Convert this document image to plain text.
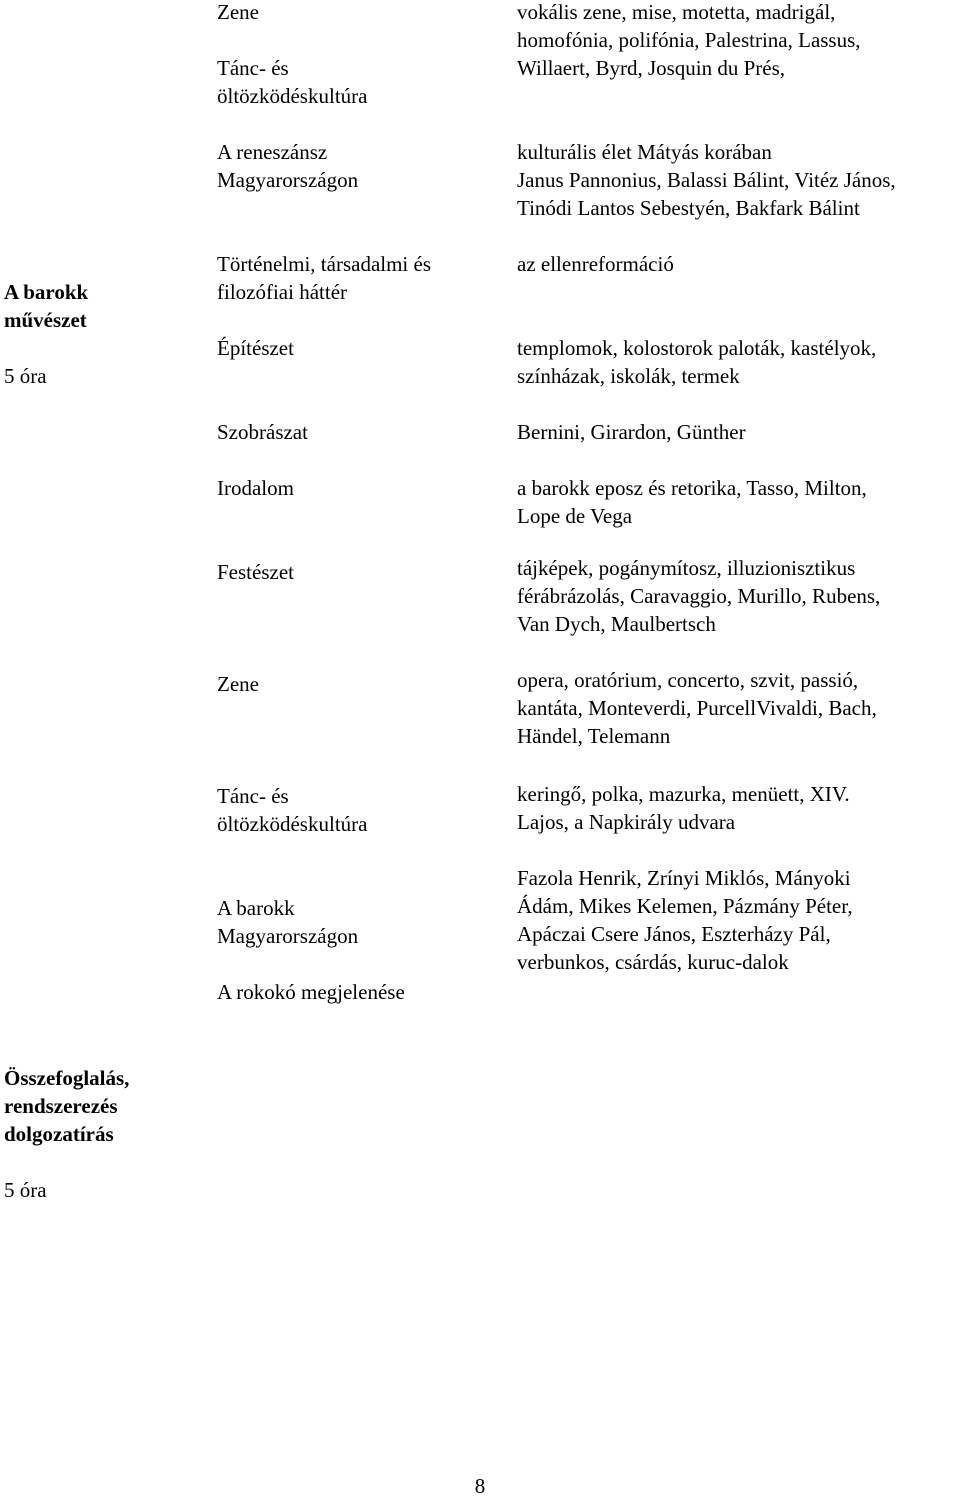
A barokk
művészet

5 óra

Összefoglalás,
rendszerezés
dolgozatírás

5 óra

Zene
Tánc- és
öltözködéskultúra
A reneszánsz
Magyarországon
Történelmi, társadalmi és
filozófiai háttér
Építészet
Szobrászat
Irodalom
Festészet
Zene
Tánc- és
öltözködéskultúra
A barokk
Magyarországon
A rokokó megjelenése
vokális zene, mise, motetta, madrigál,
homofónia, polifónia, Palestrina, Lassus,
Willaert, Byrd, Josquin du Prés,
kulturális élet Mátyás korában
Janus Pannonius, Balassi Bálint, Vitéz János,
Tinódi Lantos Sebestyén, Bakfark Bálint
az ellenreformáció
templomok, kolostorok paloták, kastélyok,
színházak, iskolák, termek
Bernini, Girardon, Günther
a barokk eposz és retorika, Tasso, Milton,
Lope de Vega
tájképek, pogánymítosz, illuzionisztikus
férábrázolás, Caravaggio, Murillo, Rubens,
Van Dych, Maulbertsch
opera, oratórium, concerto, szvit, passió,
kantáta, Monteverdi, PurcellVivaldi, Bach,
Händel, Telemann
keringő, polka, mazurka, menüett, XIV.
Lajos, a Napkirály udvara
Fazola Henrik, Zrínyi Miklós, Mányoki
Ádám, Mikes Kelemen, Pázmány Péter,
Apáczai Csere János, Eszterházy Pál,
verbunkos, csárdás, kuruc-dalok
8
